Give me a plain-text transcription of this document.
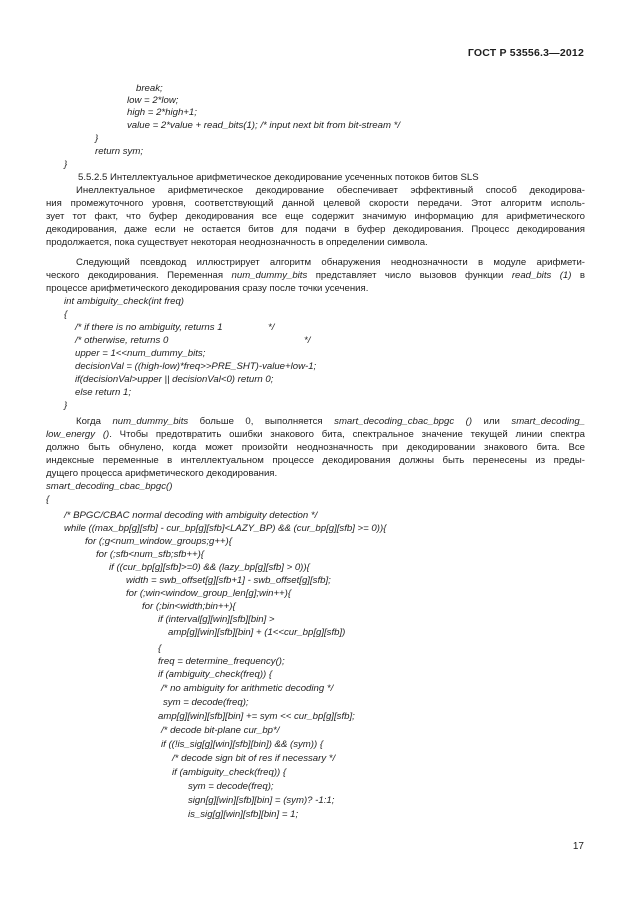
ГОСТ Р 53556.3—2012
break;
low = 2*low;
high = 2*high+1;
value = 2*value + read_bits(1); /* input next bit from bit-stream */
}
return sym;
}
5.5.2.5 Интеллектуальное арифметическое декодирование усеченных потоков битов SLS
Инеллектуальное арифметическое декодирование обеспечивает эффективный способ декодирова-
ния промежуточного уровня, соответствующий данной целевой скорости передачи. Этот алгоритм исполь-
зует тот факт, что буфер декодирования все еще содержит значимую информацию для арифметического
декодирования, даже если не остается битов для подачи в буфер декодирования. Процесс декодирования
продолжается, пока существует некоторая неоднозначность в определении символа.
Следующий псевдокод иллюстрирует алгоритм обнаружения неоднозначности в модуле арифмети-
ческого декодирования. Переменная num_dummy_bits представляет число вызовов функции read_bits (1) в
процессе арифметического декодирования сразу после точки усечения.
int ambiguity_check(int freq)
{
/* if there is no ambiguity, returns 1	*/
/* otherwise, returns 0	*/
upper = 1<<num_dummy_bits;
decisionVal = ((high-low)*freq>>PRE_SHT)-value+low-1;
if(decisionVal>upper || decisionVal<0) return 0;
else return 1;
}
Когда num_dummy_bits больше 0, выполняется smart_decoding_cbac_bpgc () или smart_decoding_
low_energy (). Чтобы предотвратить ошибки знакового бита, спектральное значение текущей линии спектра
должно быть обнулено, когда может произойти неоднозначность при декодировании знакового бита. Все
индексные переменные в интеллектуальном процессе декодирования должны быть перенесены из преды-
дущего процесса арифметического декодирования.
smart_decoding_cbac_bpgc()
{
/* BPGC/CBAC normal decoding with ambiguity detection */
while ((max_bp[g][sfb] - cur_bp[g][sfb]<LAZY_BP) && (cur_bp[g][sfb] >= 0)){
for (;g<num_window_groups;g++){
for (;sfb<num_sfb;sfb++){
if ((cur_bp[g][sfb]>=0) && (lazy_bp[g][sfb] > 0)){
width = swb_offset[g][sfb+1] - swb_offset[g][sfb];
for (;win<window_group_len[g];win++){
for (;bin<width;bin++){
if (interval[g][win][sfb][bin] >
amp[g][win][sfb][bin] + (1<<cur_bp[g][sfb])
{
freq = determine_frequency();
if (ambiguity_check(freq)) {
/* no ambiguity for arithmetic decoding */
sym = decode(freq);
amp[g][win][sfb][bin] += sym << cur_bp[g][sfb];
/* decode bit-plane cur_bp*/
if ((!is_sig[g][win][sfb][bin]) && (sym)) {
/* decode sign bit of res if necessary */
if (ambiguity_check(freq)) {
sym = decode(freq);
sign[g][win][sfb][bin] = (sym)? -1:1;
is_sig[g][win][sfb][bin] = 1;
17
